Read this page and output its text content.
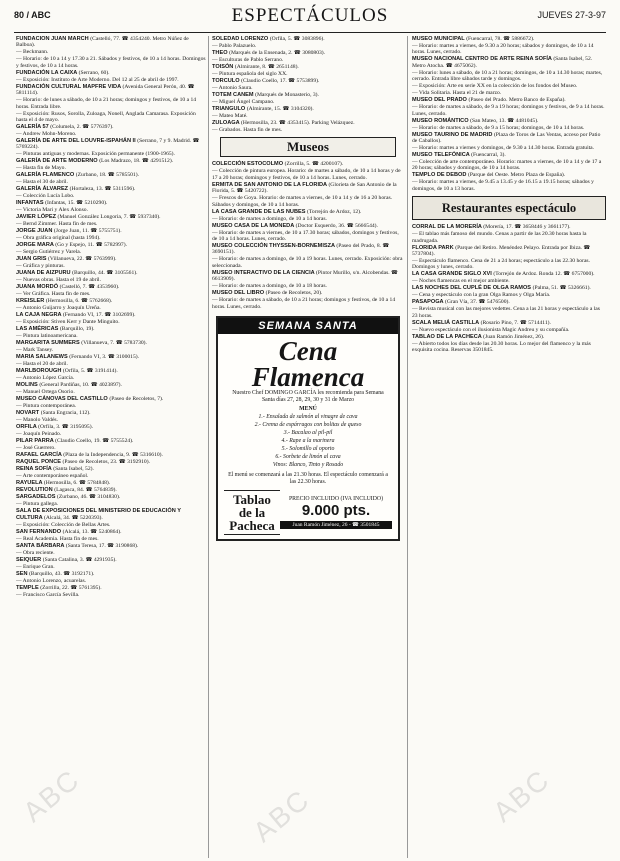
80 / ABC	ESPECTÁCULOS	JUEVES 27-3-97
FUNDACIÓN JUAN MARCH (Castelló, 77. ☎ 4354240. Metro Núñez de Balboa).
— Beckmann.
— Horario: de 10 a 14 y 17.30 a 21. Sábados y festivos, de 10 a 14 horas. Domingos y festivos, de 10 a 14 horas.
FUNDACIÓN LA CAIXA (Serrano, 60).
— Exposición: Instituto de Arte Moderno. Del 12 al 25 de abril de 1997.
FUNDACIÓN CULTURAL MAPFRE VIDA (Avenida General Perón, 40. ☎ 5811114).
— Horario: de lunes a sábado, de 10 a 21 horas; domingos y festivos, de 10 a 14 horas. Entrada libre.
— Exposición: Rusos, Sorolla, Zuloaga, Nonell, Anglada Camarasa. Exposición hasta el 4 de mayo.
GALERÍA 57 (Columela, 2. ☎ 5776397).
— Andrew Mohn-Moreno.
GALERÍA DE ARTE DEL LOUVRE-ISPAHÁN II (Serrano, 7 y 9. Madrid. ☎ 5769224).
— Pinturas antiguas y modernas. Exposición permanente (1900-1965).
GALERÍA DE ARTE MODERNO (Los Madrazo, 18. ☎ 4291512).
— Hasta fin de Mayo.
GALERÍA FLAMENCO (Zurbano, 18. ☎ 5785501).
— Hasta el 30 de abril.
GALERÍA ÁLVAREZ (Hortaleza, 13. ☎ 5311596).
— Colección Lucía Lobo.
INFANTAS (Infantas, 15. ☎ 5210290).
— Victoria Mari y Alex Alonso.
JAVIER LÓPEZ (Manuel González Longoria, 7. ☎ 5937340).
— Bernd Zimmer. Hasta fin de mes.
JORGE JUAN (Jorge Juan, 11. ☎ 5755751).
— Obra gráfica original (hasta 1994).
JORGE MARA (Go y Espejo, 11. ☎ 5782997).
— Sergio Gutiérrez y Varela.
JUAN GRIS (Villanueva, 22. ☎ 5763999).
— Gráfica y pinturas.
JUANA DE AIZPURU (Barquillo, 44. ☎ 3105561).
— Nuevas obras. Hasta el 19 de abril.
JUANA MORDÓ (Castelló, 7. ☎ 4353960).
— Ver Gráfica. Hasta fin de mes.
KREISLER (Hermosilla, 6. ☎ 5762668).
— Antonio Guijarro y Joaquín Ureña.
LA CAJA NEGRA (Fernando VI, 17. ☎ 3102699).
— Exposición: Stiven Kerr y Dante Minguito.
LAS AMÉRICAS (Barquillo, 19).
— Pintura latinoamericana.
MARGARITA SUMMERS (Villanueva, 7. ☎ 5783730).
— Mark Tansey.
MARIA SALANEWS (Fernando VI, 3. ☎ 3100015).
— Hasta el 20 de abril.
MARLBOROUGH (Orfila, 5. ☎ 3191414).
— Antonio López García.
MOLINS (General Pardiñas, 10. ☎ 4023897).
— Manuel Ortega Osorio.
MUSEO CÁNOVAS DEL CASTILLO (Paseo de Recoletos, 7).
— Pintura contemporánea.
NOVART (Santa Engracia, 112).
— Manolo Valdés.
ORFILA (Orfila, 3. ☎ 3195095).
— Joaquín Peinado.
PILAR PARRA (Claudio Coello, 19. ☎ 5755524).
— José Guerrero.
RAFAEL GARCÍA (Plaza de la Independencia, 9. ☎ 5316610).
RAQUEL PONCE (Paseo de Recoletos, 23. ☎ 3192910).
REINA SOFÍA (Santa Isabel, 52).
— Arte contemporáneo español.
RAYUELA (Hermosilla, 6. ☎ 5784848).
REVOLUTION (Lagasca, 84. ☎ 5764839).
SARGADELOS (Zurbano, 46. ☎ 3104830).
— Pintura gallega.
SALA DE EXPOSICIONES DEL MINISTERIO DE EDUCACIÓN Y CULTURA (Alcalá, 34. ☎ 5220393).
— Exposición: Colección de Bellas Artes.
SAN FERNANDO (Alcalá, 13. ☎ 5240864).
— Real Academia. Hasta fin de mes.
SANTA BÁRBARA (Santa Teresa, 17. ☎ 3190868).
— Obra reciente.
SEIQUER (Santa Catalina, 3. ☎ 4291935).
— Enrique Gran.
SEN (Barquillo, 43. ☎ 3192171).
— Antonio Lorenzo, acuarelas.
TEMPLE (Zorrilla, 22. ☎ 5761395).
— Francisco García Sevilla.
SOLEDAD LORENZO (Orfila, 5. ☎ 3083896).
— Pablo Palazuelo.
THEO (Marqués de la Ensenada, 2. ☎ 3080803).
— Esculturas de Pablo Serrano.
TOISÓN (Almirante, 8. ☎ 2651148).
— Pintura española del siglo XX.
TORCULO (Claudio Coello, 17. ☎ 5753899).
— Antonio Saura.
TOTEM CANEM (Marqués de Monasterio, 3).
— Miguel Ángel Campano.
TRIANGULO (Almirante, 15. ☎ 3104320).
— Mateo Maté.
ZULOAGA (Hermosilla, 23. ☎ 4353415). Parking Velázquez.
— Grabados. Hasta fin de mes.
Museos
COLECCIÓN ESTOCOLMO (Zorrilla, 5. ☎ 4200107).
— Colección de pintura europea. Horario: de martes a sábado, de 10 a 14 horas y de 17 a 20 horas; domingos y festivos, de 10 a 14 horas. Lunes, cerrado.
ERMITA DE SAN ANTONIO DE LA FLORIDA (Glorieta de San Antonio de la Florida, 5. ☎ 5420722).
— Frescos de Goya. Horario: de martes a viernes, de 10 a 14 y de 16 a 20 horas. Sábados y domingos, de 10 a 14 horas.
LA CASA GRANDE DE LAS NUBES (Torrejón de Ardoz, 12).
— Horario: de martes a domingo, de 10 a 14 horas.
MUSEO CASA DE LA MONEDA (Doctor Esquerdo, 36. ☎ 5666544).
— Horario: de martes a viernes, de 10 a 17.30 horas; sábados, domingos y festivos, de 10 a 14 horas. Lunes, cerrado.
MUSEO COLECCIÓN THYSSEN-BORNEMISZA (Paseo del Prado, 8. ☎ 3690151).
— Horario: de martes a domingo, de 10 a 19 horas. Lunes, cerrado. Exposición: obra seleccionada.
MUSEO INTERACTIVO DE LA CIENCIA (Pintor Murillo, s/n. Alcobendas. ☎ 6613909).
— Horario: de martes a domingo, de 10 a 18 horas.
MUSEO DEL LIBRO (Paseo de Recoletos, 20).
— Horario: de martes a sábado, de 10 a 21 horas; domingos y festivos, de 10 a 14 horas. Lunes, cerrado.
SEMANA SANTA
Cena
Flamenca
Nuestro Chef DOMINGO GARCÍA les recomienda para Semana Santa días 27, 28, 29, 30 y 31 de Marzo
MENÚ
1.- Ensalada de salmón al vinagre de cava
2.- Crema de espárragos con bolitas de queso
3.- Bacalao al pil-pil
4.- Rape a la marinera
5.- Solomillo al oporto
6.- Sorbete de limón al cava
Vinos: Blanco, Tinto y Rosado
El menú se comenzará a las 21.30 horas. El espectáculo comenzará a las 22.30 horas.
Tablao
de la
Pacheca
PRECIO INCLUIDO (IVA INCLUIDO)
9.000 pts.
Juan Ramón Jiménez, 26 - ☎ 3501845
MUSEO MUNICIPAL (Fuencarral, 78. ☎ 5886672).
— Horario: martes a viernes, de 9.30 a 20 horas; sábados y domingos, de 10 a 14 horas. Lunes, cerrado.
MUSEO NACIONAL CENTRO DE ARTE REINA SOFÍA (Santa Isabel, 52. Metro Atocha. ☎ 4675062).
— Horario: lunes a sábado, de 10 a 21 horas; domingos, de 10 a 14.30 horas; martes, cerrado. Entrada libre sábados tarde y domingos.
— Exposición: Arte en serie XX en la colección de los fondos del Museo.
— Vida Solitaria. Hasta el 21 de marzo.
MUSEO DEL PRADO (Paseo del Prado. Metro Banco de España).
— Horario: de martes a sábado, de 9 a 19 horas; domingos y festivos, de 9 a 14 horas. Lunes, cerrado.
MUSEO ROMÁNTICO (San Mateo, 13. ☎ 4481045).
— Horario: de martes a sábado, de 9 a 15 horas; domingos, de 10 a 14 horas.
MUSEO TAURINO DE MADRID (Plaza de Toros de Las Ventas, acceso por Patio de Caballos).
— Horario: martes a viernes y domingos, de 9.30 a 14.30 horas. Entrada gratuita.
MUSEO TELEFÓNICA (Fuencarral, 3).
— Colección de arte contemporáneo. Horario: martes a viernes, de 10 a 14 y de 17 a 20 horas; sábados y domingos, de 10 a 14 horas.
TEMPLO DE DEBOD (Parque del Oeste. Metro Plaza de España).
— Horario: martes a viernes, de 9.45 a 13.45 y de 16.15 a 19.15 horas; sábados y domingos, de 10 a 13 horas.
Restaurantes espectáculo
CORRAL DE LA MORERÍA (Morería, 17. ☎ 3658446 y 3661177).
— El tablao más famoso del mundo. Cenas a partir de las 20.30 horas hasta la madrugada.
FLORIDA PARK (Parque del Retiro. Menéndez Pelayo. Entrada por Ibiza. ☎ 5737804).
— Espectáculo flamenco. Cena de 21 a 24 horas; espectáculo a las 22.30 horas. Domingos y lunes, cerrado.
LA CASA GRANDE SIGLO XVI (Torrejón de Ardoz. Ronda 12. ☎ 6757000).
— Noches flamencas en el mejor ambiente.
LAS NOCHES DEL CUPLÉ DE OLGA RAMOS (Palma, 51. ☎ 5326661).
— Cena y espectáculo con la gran Olga Ramos y Olga María.
PASAPOGA (Gran Vía, 37. ☎ 5476500).
— Revista musical con las mejores vedettes. Cena a las 21 horas y espectáculo a las 23 horas.
SCALA MELIÁ CASTILLA (Rosario Pino, 7. ☎ 5714411).
— Nuevo espectáculo con el ilusionista Magic Andreu y su compañía.
TABLAO DE LA PACHECA (Juan Ramón Jiménez, 26).
— Abierto todos los días desde las 20.30 horas. Lo mejor del flamenco y la más exquisita cocina. Reservas 3501845.
ABC	ABC	ABC
